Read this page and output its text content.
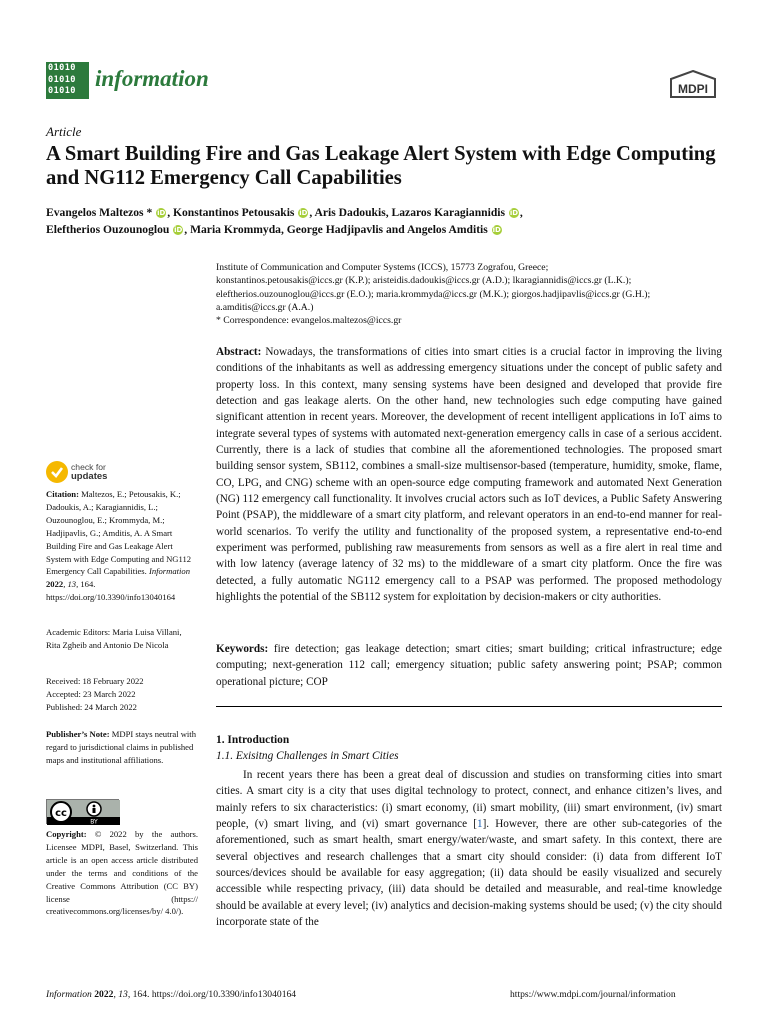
01010
01010
01010 information	MDPI
Article
A Smart Building Fire and Gas Leakage Alert System with Edge Computing and NG112 Emergency Call Capabilities
Evangelos Maltezos * iD , Konstantinos Petousakis iD , Aris Dadoukis, Lazaros Karagiannidis iD ,
Eleftherios Ouzounoglou iD , Maria Krommyda, George Hadjipavlis and Angelos Amditis iD
Institute of Communication and Computer Systems (ICCS), 15773 Zografou, Greece;
konstantinos.petousakis@iccs.gr (K.P.); aristeidis.dadoukis@iccs.gr (A.D.); lkaragiannidis@iccs.gr (L.K.);
eleftherios.ouzounoglou@iccs.gr (E.O.); maria.krommyda@iccs.gr (M.K.); giorgos.hadjipavlis@iccs.gr (G.H.);
a.amditis@iccs.gr (A.A.)
* Correspondence: evangelos.maltezos@iccs.gr
Abstract: Nowadays, the transformations of cities into smart cities is a crucial factor in improving the living conditions of the inhabitants as well as addressing emergency situations under the concept of public safety and property loss. In this context, many sensing systems have been designed and developed that provide fire detection and gas leakage alerts. On the other hand, new technologies such edge computing have gained significant attention in recent years. Moreover, the development of recent intelligent applications in IoT aims to integrate several types of systems with automated next-generation emergency calls in case of a serious accident. Currently, there is a lack of studies that combine all the aforementioned technologies. The proposed smart building sensor system, SB112, combines a small-size multisensor-based (temperature, humidity, smoke, flame, CO, LPG, and CNG) scheme with an open-source edge computing framework and automated Next Generation (NG) 112 emergency call functionality. It involves crucial actors such as IoT devices, a Public Safety Answering Point (PSAP), the middleware of a smart city platform, and relevant operators in an end-to-end manner for real-world scenarios. To verify the utility and functionality of the proposed system, a representative end-to-end experiment was performed, publishing raw measurements from sensors as well as a fire alert in real time and with low latency (average latency of 32 ms) to the middleware of a smart city platform. Once the fire was detected, a fully automatic NG112 emergency call to a PSAP was performed. The proposed methodology highlights the potential of the SB112 system for exploitation by decision-makers or city authorities.
Keywords: fire detection; gas leakage detection; smart cities; smart building; critical infrastructure; edge computing; next-generation 112 call; emergency situation; public safety answering point; PSAP; common operational picture; COP
1. Introduction
1.1. Exisitng Challenges in Smart Cities
In recent years there has been a great deal of discussion and studies on transforming cities into smart cities. A smart city is a city that uses digital technology to protect, connect, and enhance citizen’s lives, and mainly refers to six characteristics: (i) smart economy, (ii) smart mobility, (iii) smart environment, (iv) smart people, (v) smart living, and (vi) smart governance [1]. However, there are other sub-categories of the aforementioned, such as smart health, smart energy/water/waste, and smart safety. In this context, there are several objectives and research challenges that a smart city should consider: (i) data from different IoT sources/devices should be available for easy aggregation; (ii) data should be easily visualized and securely accessible while respecting privacy, (iii) data should be detailed and measurable, and real-time knowledge should be available at every level; (iv) analytics and decision-making systems should be used; (v) the city should incorporate state of the
check for
updates
Citation: Maltezos, E.; Petousakis, K.; Dadoukis, A.; Karagiannidis, L.; Ouzounoglou, E.; Krommyda, M.; Hadjipavlis, G.; Amditis, A. A Smart Building Fire and Gas Leakage Alert System with Edge Computing and NG112 Emergency Call Capabilities. Information 2022, 13, 164. https://doi.org/10.3390/info13040164
Academic Editors: Maria Luisa Villani, Rita Zgheib and Antonio De Nicola
Received: 18 February 2022
Accepted: 23 March 2022
Published: 24 March 2022
Publisher’s Note: MDPI stays neutral with regard to jurisdictional claims in published maps and institutional affiliations.
cc
BY
Copyright: © 2022 by the authors. Licensee MDPI, Basel, Switzerland. This article is an open access article distributed under the terms and conditions of the Creative Commons Attribution (CC BY) license (https:// creativecommons.org/licenses/by/ 4.0/).
Information 2022, 13, 164. https://doi.org/10.3390/info13040164	https://www.mdpi.com/journal/information
